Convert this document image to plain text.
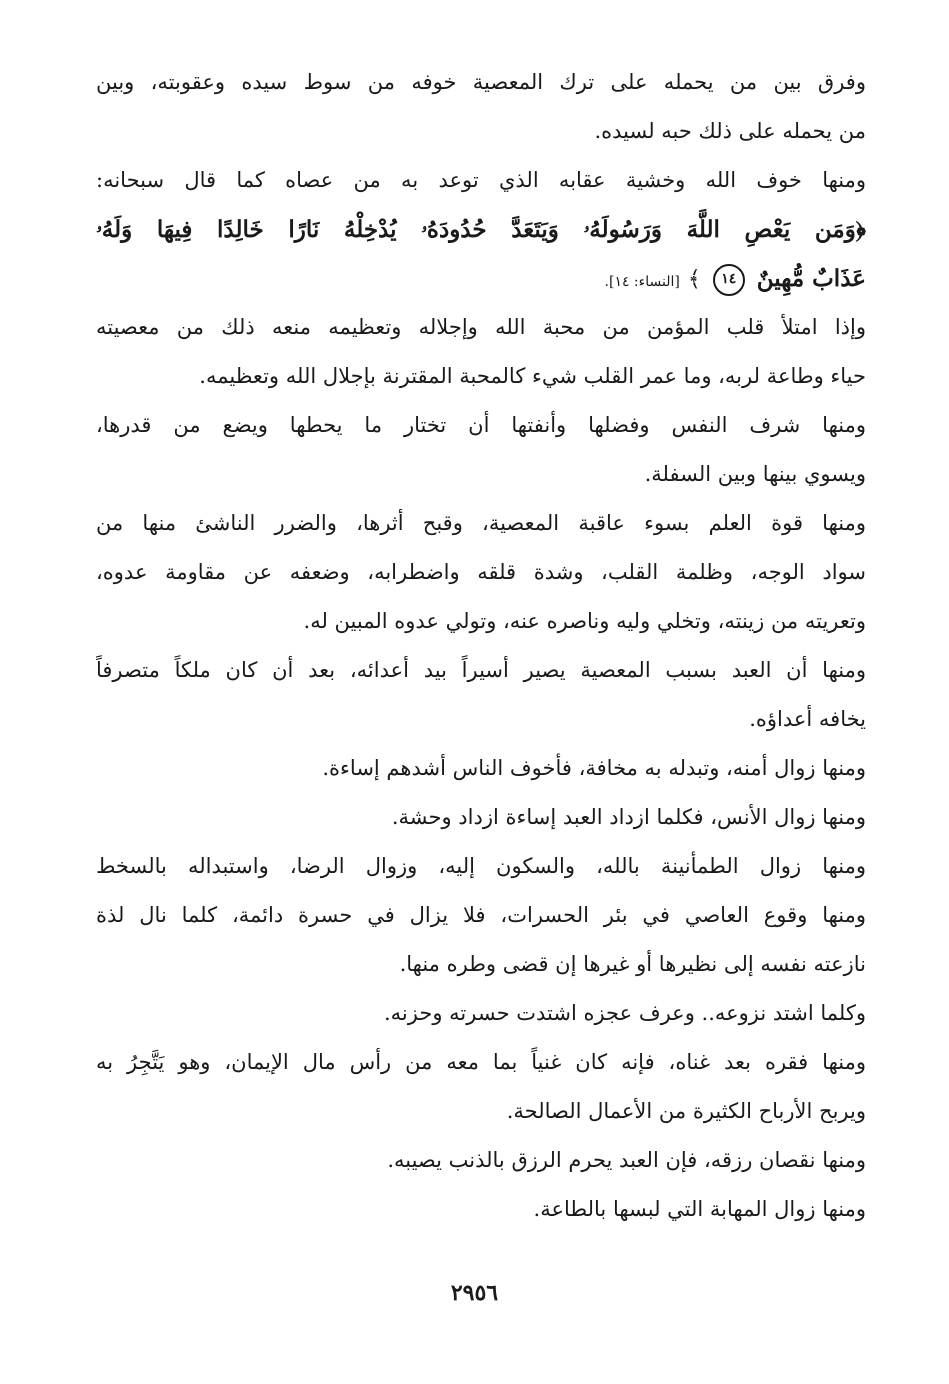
وفرق بين من يحمله على ترك المعصية خوفه من سوط سيده وعقوبته، وبين
من يحمله على ذلك حبه لسيده.
ومنها خوف الله وخشية عقابه الذي توعد به من عصاه كما قال سبحانه:
﴿وَمَن يَعْصِ اللَّهَ وَرَسُولَهُۥ وَيَتَعَدَّ حُدُودَهُۥ يُدْخِلْهُ نَارًا خَالِدًا فِيهَا وَلَهُۥ
عَذَابٌ مُّهِينٌ ١٤ ﴾ [النساء: ١٤].
وإذا امتلأ قلب المؤمن من محبة الله وإجلاله وتعظيمه منعه ذلك من معصيته
حياء وطاعة لربه، وما عمر القلب شيء كالمحبة المقترنة بإجلال الله وتعظيمه.
ومنها شرف النفس وفضلها وأنفتها أن تختار ما يحطها ويضع من قدرها،
ويسوي بينها وبين السفلة.
ومنها قوة العلم بسوء عاقبة المعصية، وقبح أثرها، والضرر الناشئ منها من
سواد الوجه، وظلمة القلب، وشدة قلقه واضطرابه، وضعفه عن مقاومة عدوه،
وتعريته من زينته، وتخلي وليه وناصره عنه، وتولي عدوه المبين له.
ومنها أن العبد بسبب المعصية يصير أسيراً بيد أعدائه، بعد أن كان ملكاً متصرفاً
يخافه أعداؤه.
ومنها زوال أمنه، وتبدله به مخافة، فأخوف الناس أشدهم إساءة.
ومنها زوال الأنس، فكلما ازداد العبد إساءة ازداد وحشة.
ومنها زوال الطمأنينة بالله، والسكون إليه، وزوال الرضا، واستبداله بالسخط
ومنها وقوع العاصي في بئر الحسرات، فلا يزال في حسرة دائمة، كلما نال لذة
نازعته نفسه إلى نظيرها أو غيرها إن قضى وطره منها.
وكلما اشتد نزوعه.. وعرف عجزه اشتدت حسرته وحزنه.
ومنها فقره بعد غناه، فإنه كان غنياً بما معه من رأس مال الإيمان، وهو يَتَّجِرُ به
ويربح الأرباح الكثيرة من الأعمال الصالحة.
ومنها نقصان رزقه، فإن العبد يحرم الرزق بالذنب يصيبه.
ومنها زوال المهابة التي لبسها بالطاعة.
٢٩٥٦
